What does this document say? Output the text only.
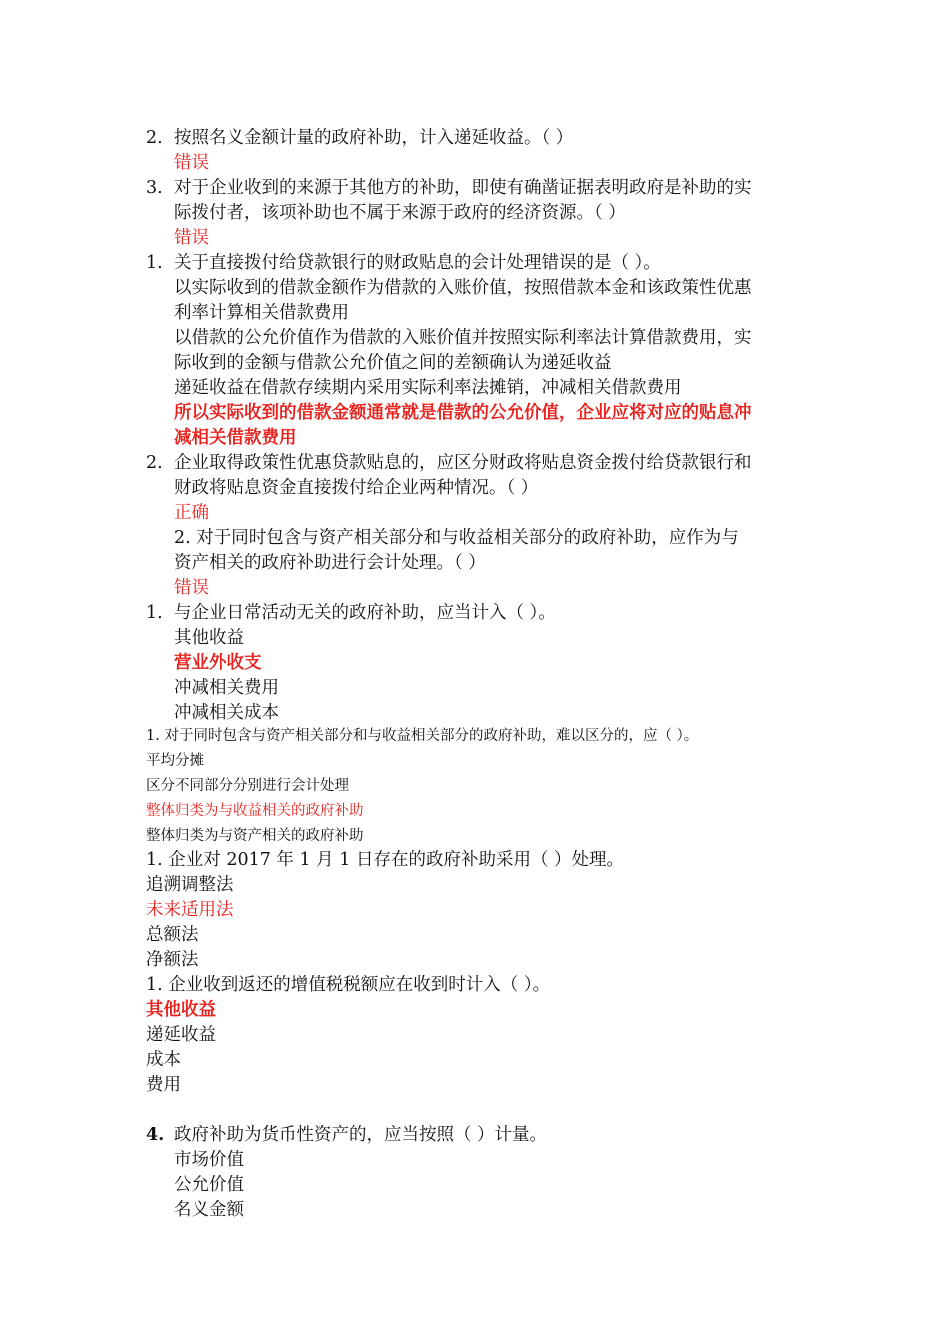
2. 按照名义金额计量的政府补助，计入递延收益。（ ）
错误
3. 对于企业收到的来源于其他方的补助，即使有确凿证据表明政府是补助的实
际拨付者，该项补助也不属于来源于政府的经济资源。（ ）
错误
1. 关于直接拨付给贷款银行的财政贴息的会计处理错误的是（ ）。
以实际收到的借款金额作为借款的入账价值，按照借款本金和该政策性优惠
利率计算相关借款费用
以借款的公允价值作为借款的入账价值并按照实际利率法计算借款费用，实
际收到的金额与借款公允价值之间的差额确认为递延收益
递延收益在借款存续期内采用实际利率法摊销，冲减相关借款费用
所以实际收到的借款金额通常就是借款的公允价值，企业应将对应的贴息冲
减相关借款费用
2. 企业取得政策性优惠贷款贴息的，应区分财政将贴息资金拨付给贷款银行和
财政将贴息资金直接拨付给企业两种情况。（ ）
正确
2. 对于同时包含与资产相关部分和与收益相关部分的政府补助，应作为与
资产相关的政府补助进行会计处理。（ ）
错误
1. 与企业日常活动无关的政府补助，应当计入（ ）。
其他收益
营业外收支
冲减相关费用
冲减相关成本
1. 对于同时包含与资产相关部分和与收益相关部分的政府补助，难以区分的，应（ ）。
平均分摊
区分不同部分分别进行会计处理
整体归类为与收益相关的政府补助
整体归类为与资产相关的政府补助
1. 企业对 2017 年 1 月 1 日存在的政府补助采用（ ）处理。
追溯调整法
未来适用法
总额法
净额法
1. 企业收到返还的增值税税额应在收到时计入（ ）。
其他收益
递延收益
成本
费用
4. 政府补助为货币性资产的，应当按照（ ）计量。
市场价值
公允价值
名义金额
